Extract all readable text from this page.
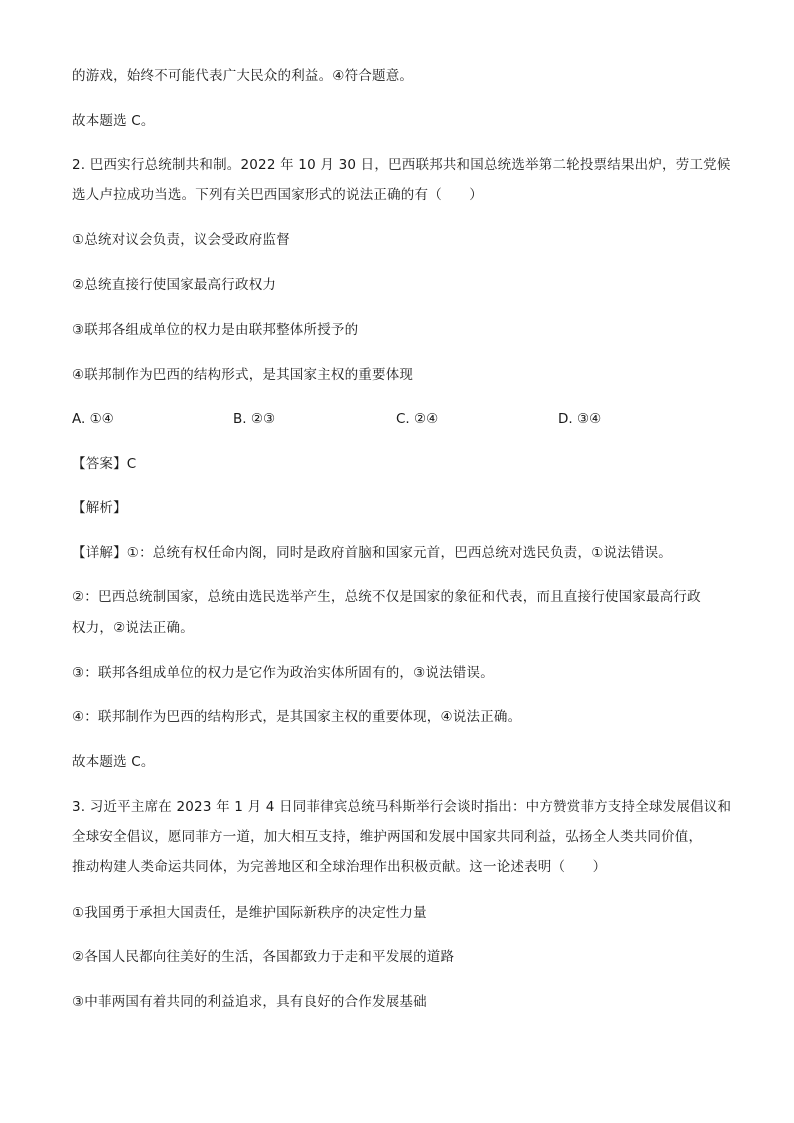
的游戏，始终不可能代表广大民众的利益。④符合题意。
故本题选 C。
2. 巴西实行总统制共和制。2022 年 10 月 30 日，巴西联邦共和国总统选举第二轮投票结果出炉，劳工党候
选人卢拉成功当选。下列有关巴西国家形式的说法正确的有（　　）
①总统对议会负责，议会受政府监督
②总统直接行使国家最高行政权力
③联邦各组成单位的权力是由联邦整体所授予的
④联邦制作为巴西的结构形式，是其国家主权的重要体现
A. ①④	B. ②③	C. ②④	D. ③④
【答案】C
【解析】
【详解】①：总统有权任命内阁，同时是政府首脑和国家元首，巴西总统对选民负责，①说法错误。
②：巴西总统制国家，总统由选民选举产生，总统不仅是国家的象征和代表，而且直接行使国家最高行政
权力，②说法正确。
③：联邦各组成单位的权力是它作为政治实体所固有的，③说法错误。
④：联邦制作为巴西的结构形式，是其国家主权的重要体现，④说法正确。
故本题选 C。
3. 习近平主席在 2023 年 1 月 4 日同菲律宾总统马科斯举行会谈时指出：中方赞赏菲方支持全球发展倡议和
全球安全倡议，愿同菲方一道，加大相互支持，维护两国和发展中国家共同利益，弘扬全人类共同价值，
推动构建人类命运共同体，为完善地区和全球治理作出积极贡献。这一论述表明（　　）
①我国勇于承担大国责任，是维护国际新秩序的决定性力量
②各国人民都向往美好的生活，各国都致力于走和平发展的道路
③中菲两国有着共同的利益追求，具有良好的合作发展基础
